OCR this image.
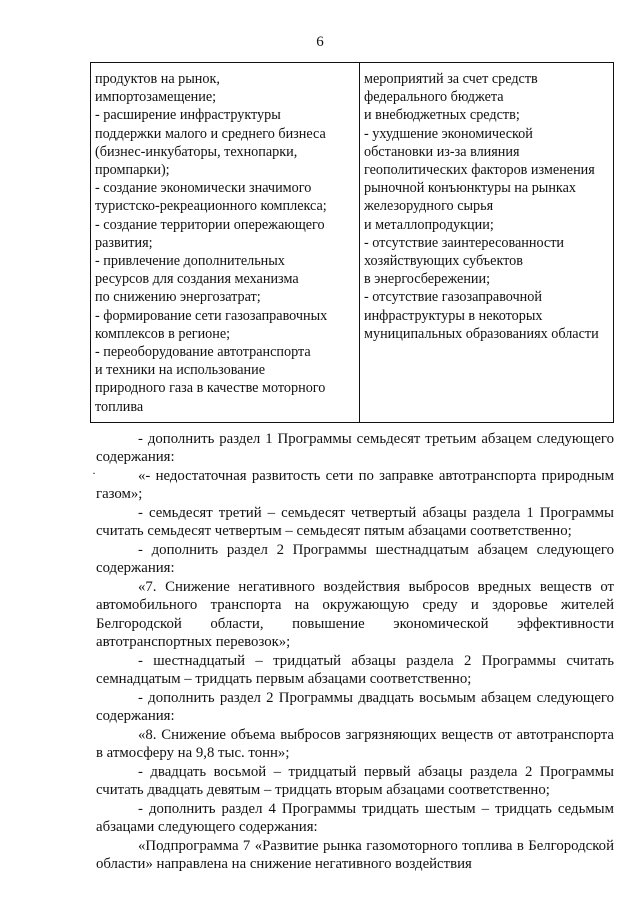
6
продуктов на рынок,
импортозамещение;
- расширение инфраструктуры
поддержки малого и среднего бизнеса
(бизнес-инкубаторы, технопарки,
промпарки);
- создание экономически значимого
туристско-рекреационного комплекса;
- создание территории опережающего
развития;
- привлечение дополнительных
ресурсов для создания механизма
по снижению энергозатрат;
- формирование сети газозаправочных
комплексов в регионе;
- переоборудование автотранспорта
и техники на использование
природного газа в качестве моторного
топлива

мероприятий за счет средств
федерального бюджета
и внебюджетных средств;
- ухудшение экономической
обстановки из-за влияния
геополитических факторов изменения
рыночной конъюнктуры на рынках
железорудного сырья
и металлопродукции;
- отсутствие заинтересованности
хозяйствующих субъектов
в энергосбережении;
- отсутствие газозаправочной
инфраструктуры в некоторых
муниципальных образованиях области
·

- дополнить раздел 1 Программы семьдесят третьим абзацем следующего содержания:

«- недостаточная развитость сети по заправке автотранспорта природным газом»;

- семьдесят третий – семьдесят четвертый абзацы раздела 1 Программы считать семьдесят четвертым – семьдесят пятым абзацами соответственно;

- дополнить раздел 2 Программы шестнадцатым абзацем следующего содержания:

«7. Снижение негативного воздействия выбросов вредных веществ от автомобильного транспорта на окружающую среду и здоровье жителей Белгородской области, повышение экономической эффективности автотранспортных перевозок»;

- шестнадцатый – тридцатый абзацы раздела 2 Программы считать семнадцатым – тридцать первым абзацами соответственно;

- дополнить раздел 2 Программы двадцать восьмым абзацем следующего содержания:

«8. Снижение объема выбросов загрязняющих веществ от автотранспорта в атмосферу на 9,8 тыс. тонн»;

- двадцать восьмой – тридцатый первый абзацы раздела 2 Программы считать двадцать девятым – тридцать вторым абзацами соответственно;

- дополнить раздел 4 Программы тридцать шестым – тридцать седьмым абзацами следующего содержания:

«Подпрограмма 7 «Развитие рынка газомоторного топлива в Белгородской области» направлена на снижение негативного воздействия
